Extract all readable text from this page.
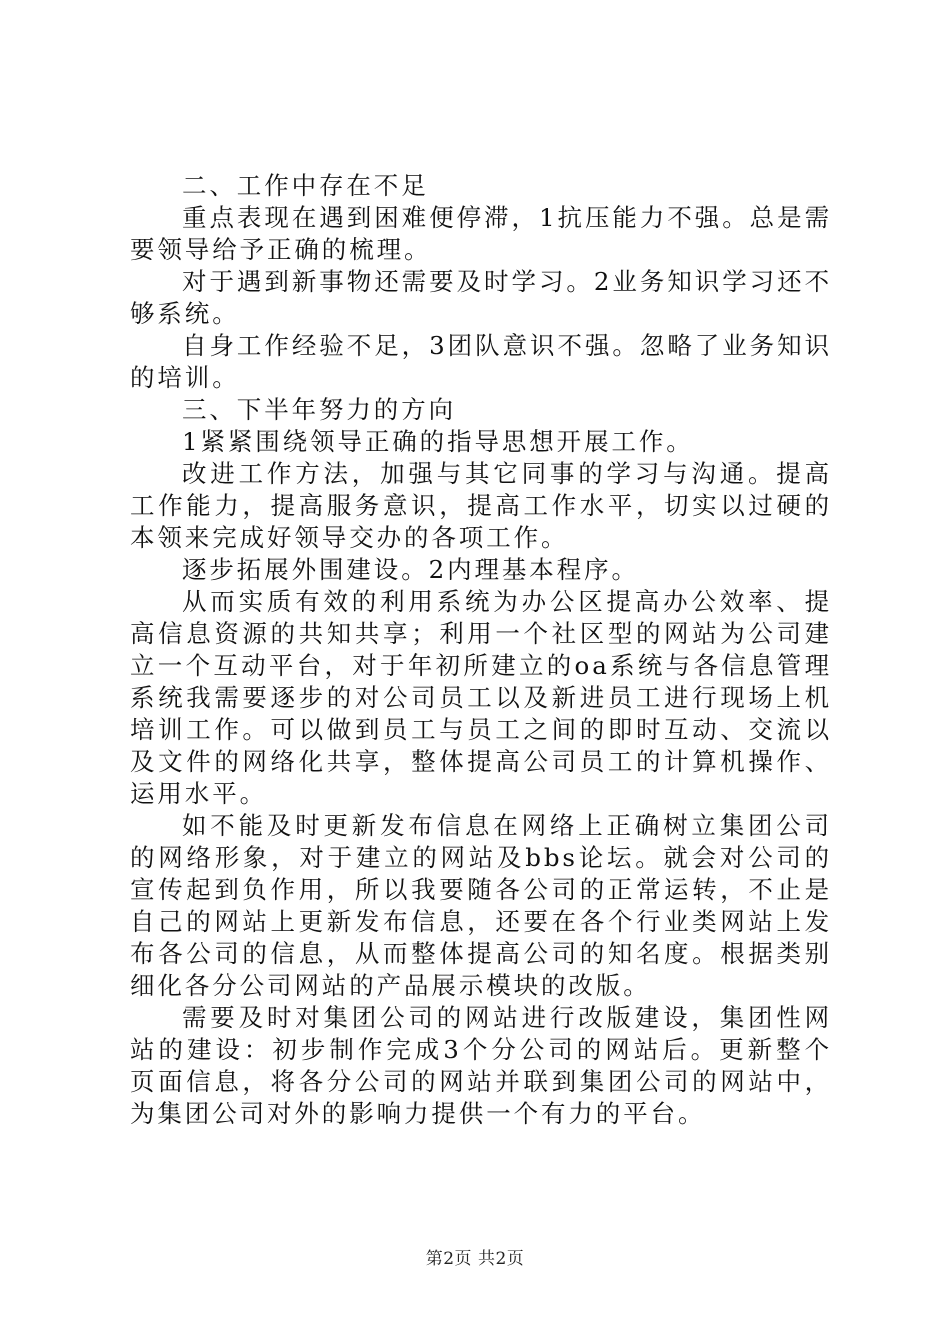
二、工作中存在不足

重点表现在遇到困难便停滞，1抗压能力不强。总是需要领导给予正确的梳理。

对于遇到新事物还需要及时学习。2业务知识学习还不够系统。

自身工作经验不足，3团队意识不强。忽略了业务知识的培训。

三、下半年努力的方向

1紧紧围绕领导正确的指导思想开展工作。

改进工作方法，加强与其它同事的学习与沟通。提高工作能力，提高服务意识，提高工作水平，切实以过硬的本领来完成好领导交办的各项工作。

逐步拓展外围建设。2内理基本程序。

从而实质有效的利用系统为办公区提高办公效率、提高信息资源的共知共享；利用一个社区型的网站为公司建立一个互动平台，对于年初所建立的oa系统与各信息管理系统我需要逐步的对公司员工以及新进员工进行现场上机培训工作。可以做到员工与员工之间的即时互动、交流以及文件的网络化共享，整体提高公司员工的计算机操作、运用水平。

如不能及时更新发布信息在网络上正确树立集团公司的网络形象，对于建立的网站及bbs论坛。就会对公司的宣传起到负作用，所以我要随各公司的正常运转，不止是自己的网站上更新发布信息，还要在各个行业类网站上发布各公司的信息，从而整体提高公司的知名度。根据类别细化各分公司网站的产品展示模块的改版。

需要及时对集团公司的网站进行改版建设，集团性网站的建设：初步制作完成3个分公司的网站后。更新整个页面信息，将各分公司的网站并联到集团公司的网站中，为集团公司对外的影响力提供一个有力的平台。

第2页 共2页
